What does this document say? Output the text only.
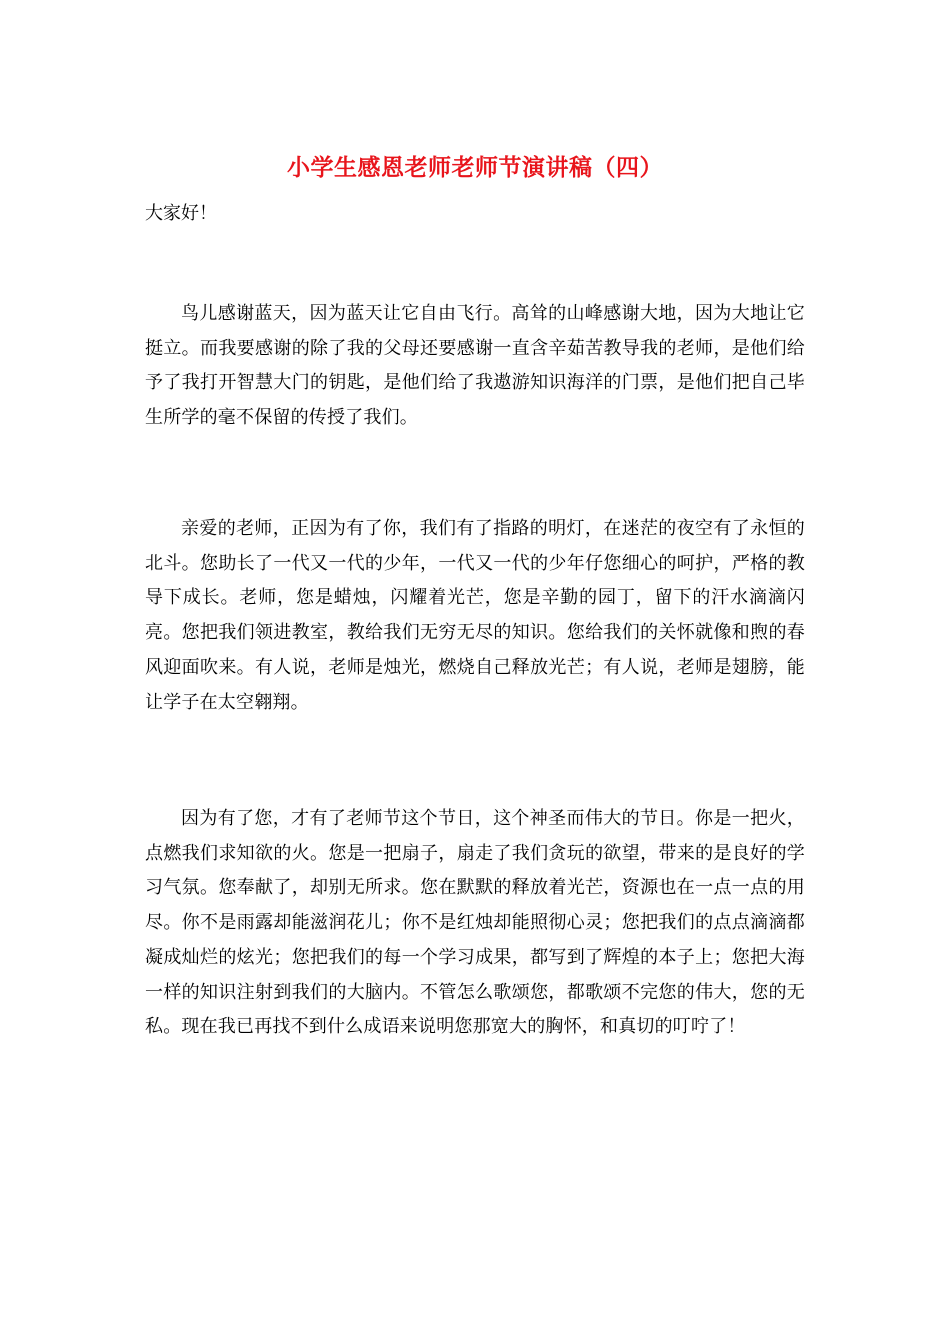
小学生感恩老师老师节演讲稿（四）

大家好！

鸟儿感谢蓝天，因为蓝天让它自由飞行。高耸的山峰感谢大地，因为大地让它挺立。而我要感谢的除了我的父母还要感谢一直含辛茹苦教导我的老师，是他们给予了我打开智慧大门的钥匙，是他们给了我遨游知识海洋的门票，是他们把自己毕生所学的毫不保留的传授了我们。

亲爱的老师，正因为有了你，我们有了指路的明灯，在迷茫的夜空有了永恒的北斗。您助长了一代又一代的少年，一代又一代的少年仔您细心的呵护，严格的教导下成长。老师，您是蜡烛，闪耀着光芒，您是辛勤的园丁，留下的汗水滴滴闪亮。您把我们领进教室，教给我们无穷无尽的知识。您给我们的关怀就像和煦的春风迎面吹来。有人说，老师是烛光，燃烧自己释放光芒；有人说，老师是翅膀，能让学子在太空翱翔。

因为有了您，才有了老师节这个节日，这个神圣而伟大的节日。你是一把火，点燃我们求知欲的火。您是一把扇子，扇走了我们贪玩的欲望，带来的是良好的学习气氛。您奉献了，却别无所求。您在默默的释放着光芒，资源也在一点一点的用尽。你不是雨露却能滋润花儿；你不是红烛却能照彻心灵；您把我们的点点滴滴都凝成灿烂的炫光；您把我们的每一个学习成果，都写到了辉煌的本子上；您把大海一样的知识注射到我们的大脑内。不管怎么歌颂您，都歌颂不完您的伟大，您的无私。现在我已再找不到什么成语来说明您那宽大的胸怀，和真切的叮咛了！
